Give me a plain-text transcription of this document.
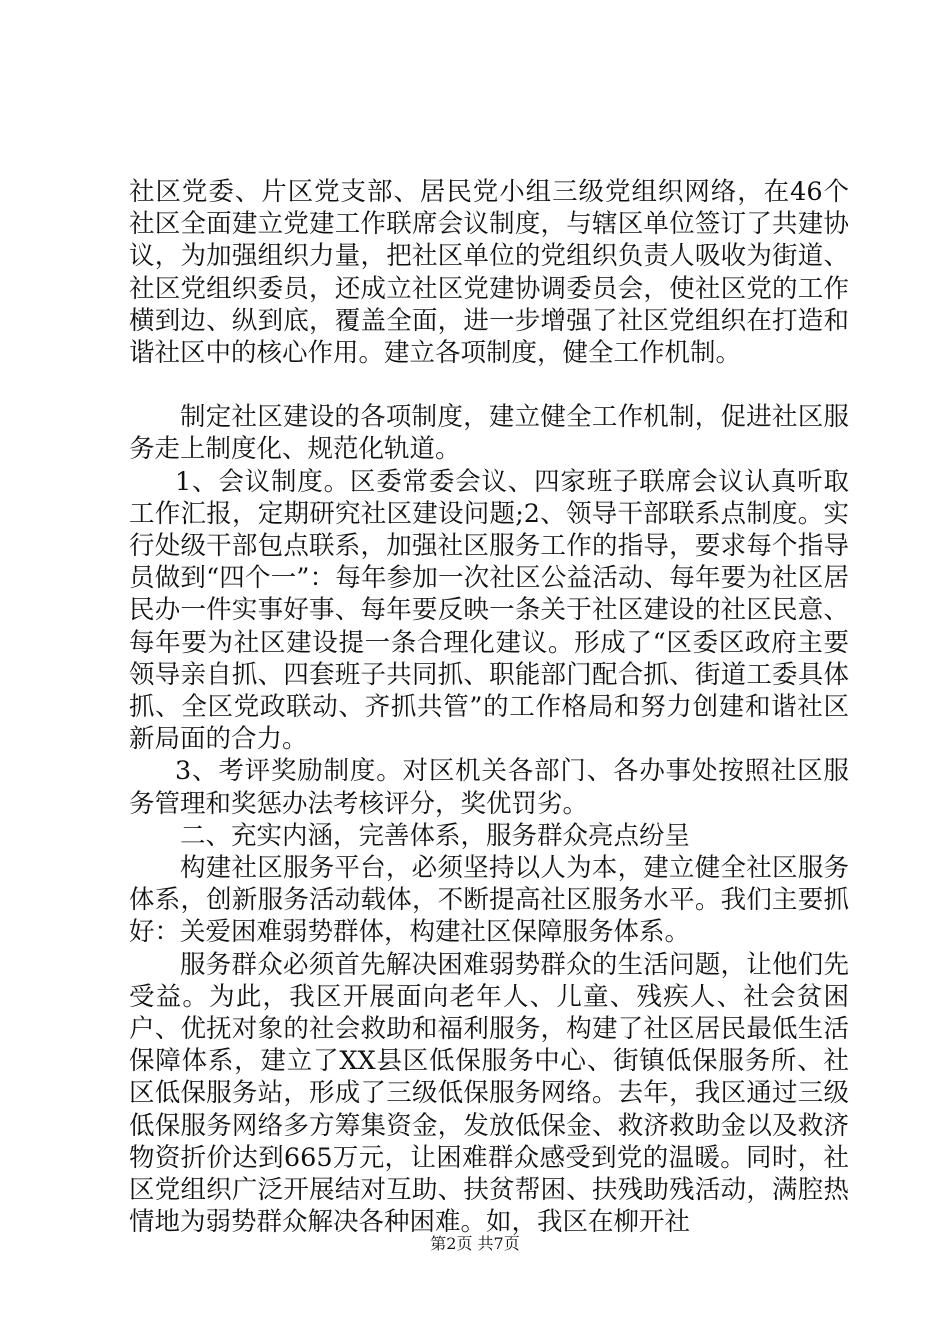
社区党委、片区党支部、居民党小组三级党组织网络，在46个社区全面建立党建工作联席会议制度，与辖区单位签订了共建协议，为加强组织力量，把社区单位的党组织负责人吸收为街道、社区党组织委员，还成立社区党建协调委员会，使社区党的工作横到边、纵到底，覆盖全面，进一步增强了社区党组织在打造和谐社区中的核心作用。建立各项制度，健全工作机制。

制定社区建设的各项制度，建立健全工作机制，促进社区服务走上制度化、规范化轨道。

1、会议制度。区委常委会议、四家班子联席会议认真听取工作汇报，定期研究社区建设问题;2、领导干部联系点制度。实行处级干部包点联系，加强社区服务工作的指导，要求每个指导员做到“四个一”：每年参加一次社区公益活动、每年要为社区居民办一件实事好事、每年要反映一条关于社区建设的社区民意、每年要为社区建设提一条合理化建议。形成了“区委区政府主要领导亲自抓、四套班子共同抓、职能部门配合抓、街道工委具体抓、全区党政联动、齐抓共管”的工作格局和努力创建和谐社区新局面的合力。

3、考评奖励制度。对区机关各部门、各办事处按照社区服务管理和奖惩办法考核评分，奖优罚劣。

二、充实内涵，完善体系，服务群众亮点纷呈

构建社区服务平台，必须坚持以人为本，建立健全社区服务体系，创新服务活动载体，不断提高社区服务水平。我们主要抓好：关爱困难弱势群体，构建社区保障服务体系。

服务群众必须首先解决困难弱势群众的生活问题，让他们先受益。为此，我区开展面向老年人、儿童、残疾人、社会贫困户、优抚对象的社会救助和福利服务，构建了社区居民最低生活保障体系，建立了XX县区低保服务中心、街镇低保服务所、社区低保服务站，形成了三级低保服务网络。去年，我区通过三级低保服务网络多方筹集资金，发放低保金、救济救助金以及救济物资折价达到665万元，让困难群众感受到党的温暖。同时，社区党组织广泛开展结对互助、扶贫帮困、扶残助残活动，满腔热情地为弱势群众解决各种困难。如，我区在柳开社

第2页 共7页
